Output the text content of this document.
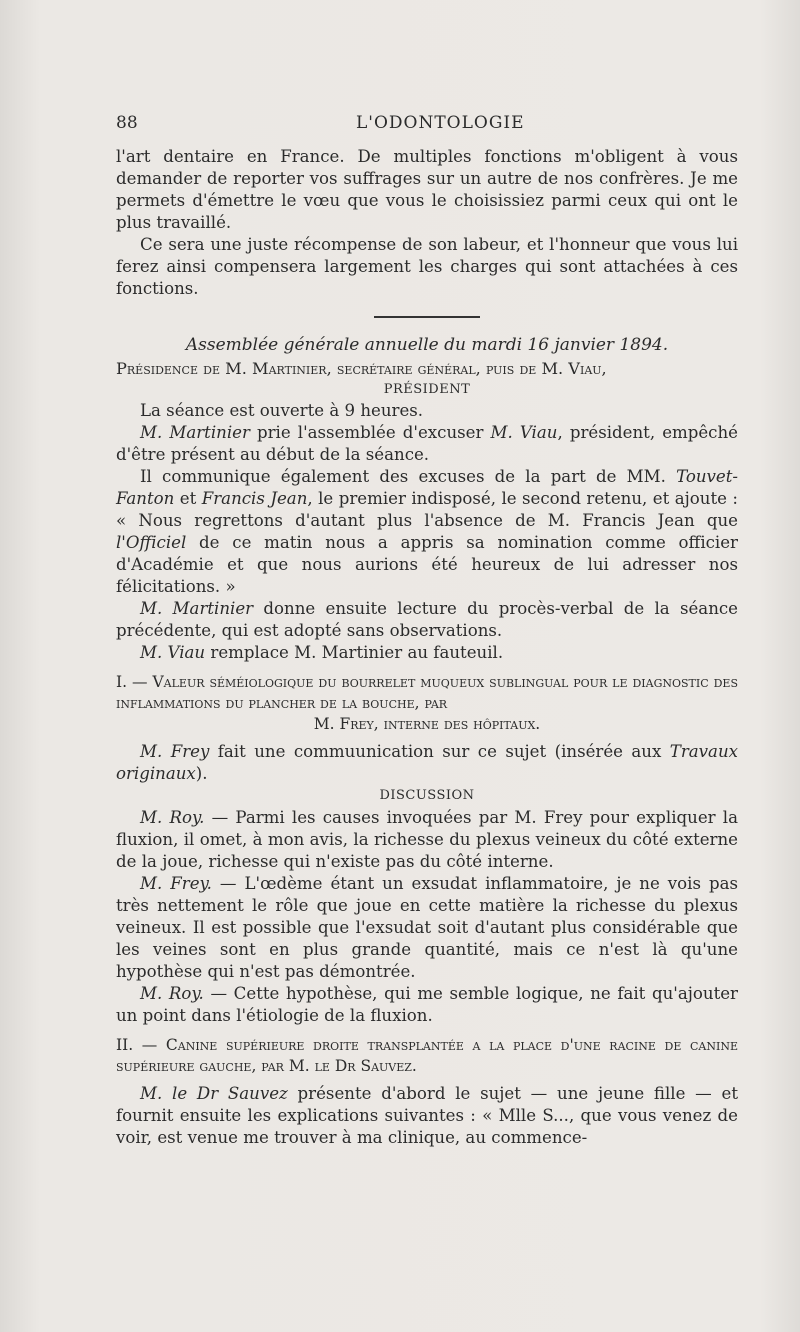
88	L'ODONTOLOGIE

l'art dentaire en France. De multiples fonctions m'obligent à vous demander de reporter vos suffrages sur un autre de nos confrères. Je me permets d'émettre le vœu que vous le choisissiez parmi ceux qui ont le plus travaillé.

Ce sera une juste récompense de son labeur, et l'honneur que vous lui ferez ainsi compensera largement les charges qui sont attachées à ces fonctions.

Assemblée générale annuelle du mardi 16 janvier 1894.

Présidence de M. Martinier, secrétaire général, puis de M. Viau,

PRÉSIDENT

La séance est ouverte à 9 heures.

M. Martinier prie l'assemblée d'excuser M. Viau, président, empêché d'être présent au début de la séance.

Il communique également des excuses de la part de MM. Touvet-Fanton et Francis Jean, le premier indisposé, le second retenu, et ajoute : « Nous regrettons d'autant plus l'absence de M. Francis Jean que l'Officiel de ce matin nous a appris sa nomination comme officier d'Académie et que nous aurions été heureux de lui adresser nos félicitations. »

M. Martinier donne ensuite lecture du procès-verbal de la séance précédente, qui est adopté sans observations.

M. Viau remplace M. Martinier au fauteuil.

I. — Valeur séméiologique du bourrelet muqueux sublingual pour le diagnostic des inflammations du plancher de la bouche, par

M. Frey, interne des hôpitaux.

M. Frey fait une commuunication sur ce sujet (insérée aux Travaux originaux).

DISCUSSION

M. Roy. — Parmi les causes invoquées par M. Frey pour expliquer la fluxion, il omet, à mon avis, la richesse du plexus veineux du côté externe de la joue, richesse qui n'existe pas du côté interne.

M. Frey. — L'œdème étant un exsudat inflammatoire, je ne vois pas très nettement le rôle que joue en cette matière la richesse du plexus veineux. Il est possible que l'exsudat soit d'autant plus considérable que les veines sont en plus grande quantité, mais ce n'est là qu'une hypothèse qui n'est pas démontrée.

M. Roy. — Cette hypothèse, qui me semble logique, ne fait qu'ajouter un point dans l'étiologie de la fluxion.

II. — Canine supérieure droite transplantée a la place d'une racine de canine supérieure gauche, par M. le Dr Sauvez.

M. le Dr Sauvez présente d'abord le sujet — une jeune fille — et fournit ensuite les explications suivantes : « Mlle S..., que vous venez de voir, est venue me trouver à ma clinique, au commence-
